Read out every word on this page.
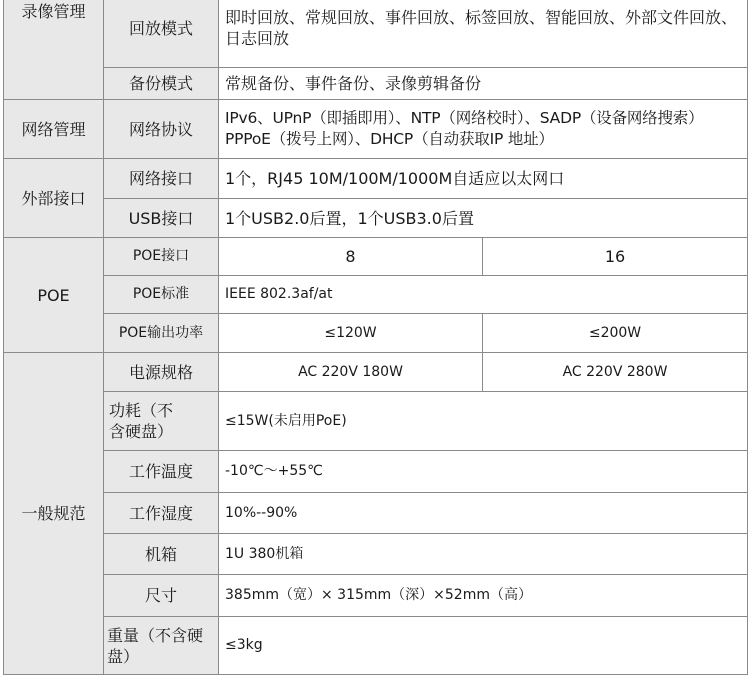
录像管理	回放模式	即时回放、常规回放、事件回放、标签回放、智能回放、外部文件回放、日志回放	
	备份模式	常规备份、事件备份、录像剪辑备份	
网络管理	网络协议	IPv6、UPnP（即插即用）、NTP（网络校时）、SADP（设备网络搜索）
PPPoE（拨号上网）、DHCP（自动获取IP 地址）	

外部接口	网络接口	1个，RJ45 10M/100M/1000M自适应以太网口	
	USB接口	1个USB2.0后置，1个USB3.0后置	
POE	POE接口	8	16
	POE标准	IEEE 802.3af/at	
	POE输出功率	≤120W	≤200W
一般规范	电源规格	AC 220V 180W	AC 220V 280W

	功耗（不
含硬盘）	≤15W(未启用PoE)	
	工作温度	-10℃～+55℃	
	工作湿度	10%--90%	
	机箱	1U 380机箱	
	尺寸	385mm（宽）× 315mm（深）×52mm（高）	

	重量（不含硬
盘）	≤3kg	
